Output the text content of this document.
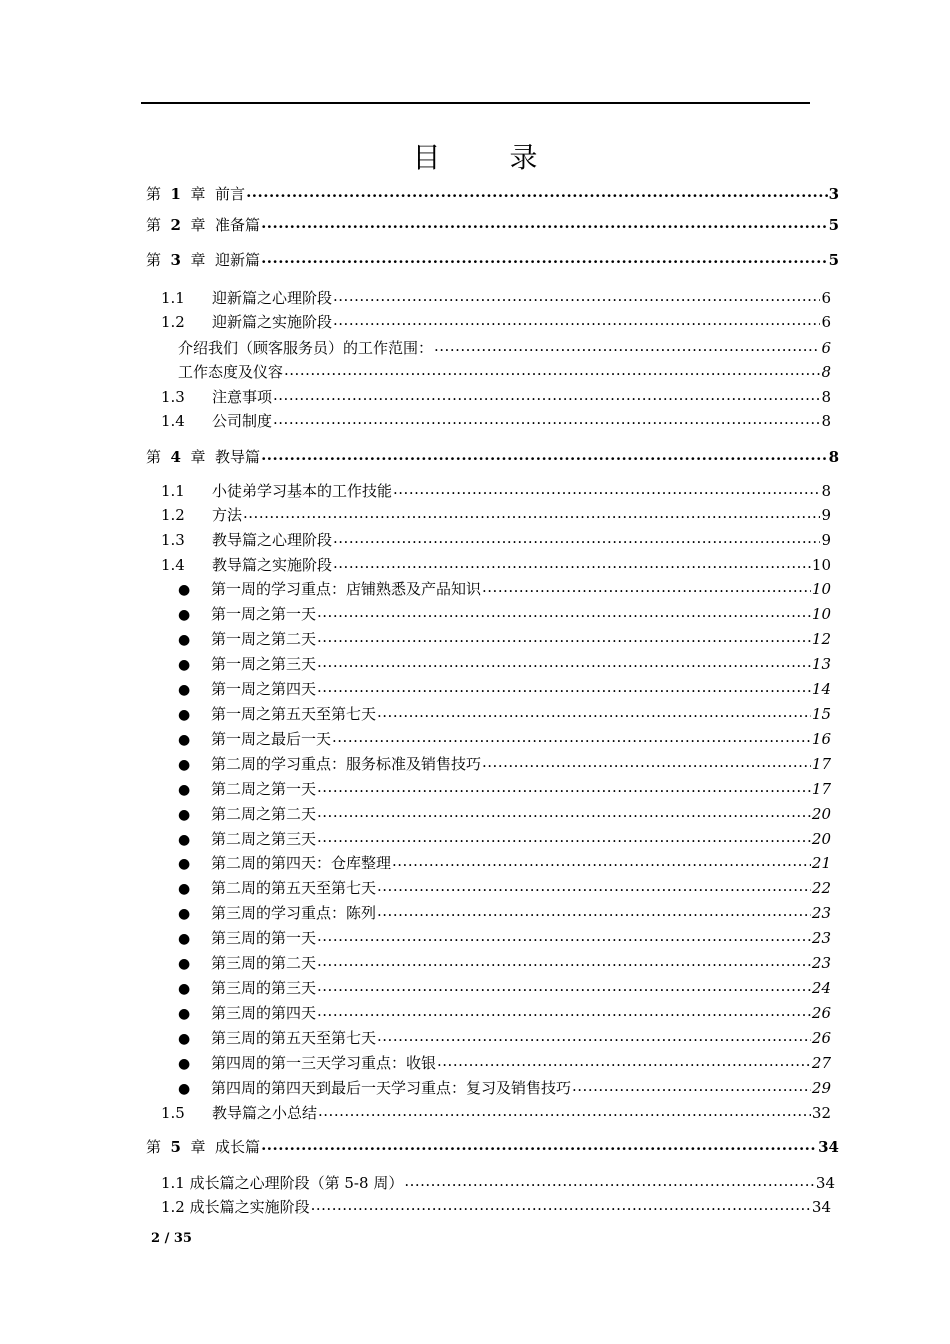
目 录
第  1  章  前言 .....	3
第  2  章  准备篇 .....	5
第  3  章  迎新篇 .....	5
1.1	迎新篇之心理阶段 .....	6
1.2	迎新篇之实施阶段 .....	6
介绍我们（顾客服务员）的工作范围： .....	6
工作态度及仪容 .....	8
1.3	注意事项 .....	8
1.4	公司制度 .....	8
第  4  章  教导篇 .....	8
1.1	小徒弟学习基本的工作技能 .....	8
1.2	方法 .....	9
1.3	教导篇之心理阶段 .....	9
1.4	教导篇之实施阶段 .....	10
●	第一周的学习重点：店铺熟悉及产品知识 .....	10
●	第一周之第一天 .....	10
●	第一周之第二天 .....	12
●	第一周之第三天 .....	13
●	第一周之第四天 .....	14
●	第一周之第五天至第七天 .....	15
●	第一周之最后一天 .....	16
●	第二周的学习重点：服务标准及销售技巧 .....	17
●	第二周之第一天 .....	17
●	第二周之第二天 .....	20
●	第二周之第三天 .....	20
●	第二周的第四天：仓库整理 .....	21
●	第二周的第五天至第七天 .....	22
●	第三周的学习重点：陈列 .....	23
●	第三周的第一天 .....	23
●	第三周的第二天 .....	23
●	第三周的第三天 .....	24
●	第三周的第四天 .....	26
●	第三周的第五天至第七天 .....	26
●	第四周的第一三天学习重点：收银 .....	27
●	第四周的第四天到最后一天学习重点：复习及销售技巧 .....	29
1.5	教导篇之小总结 .....	32
第  5  章  成长篇 .....	34
1.1 成长篇之心理阶段（第 5-8 周） .....	34
1.2 成长篇之实施阶段 .....	34
2 / 35
